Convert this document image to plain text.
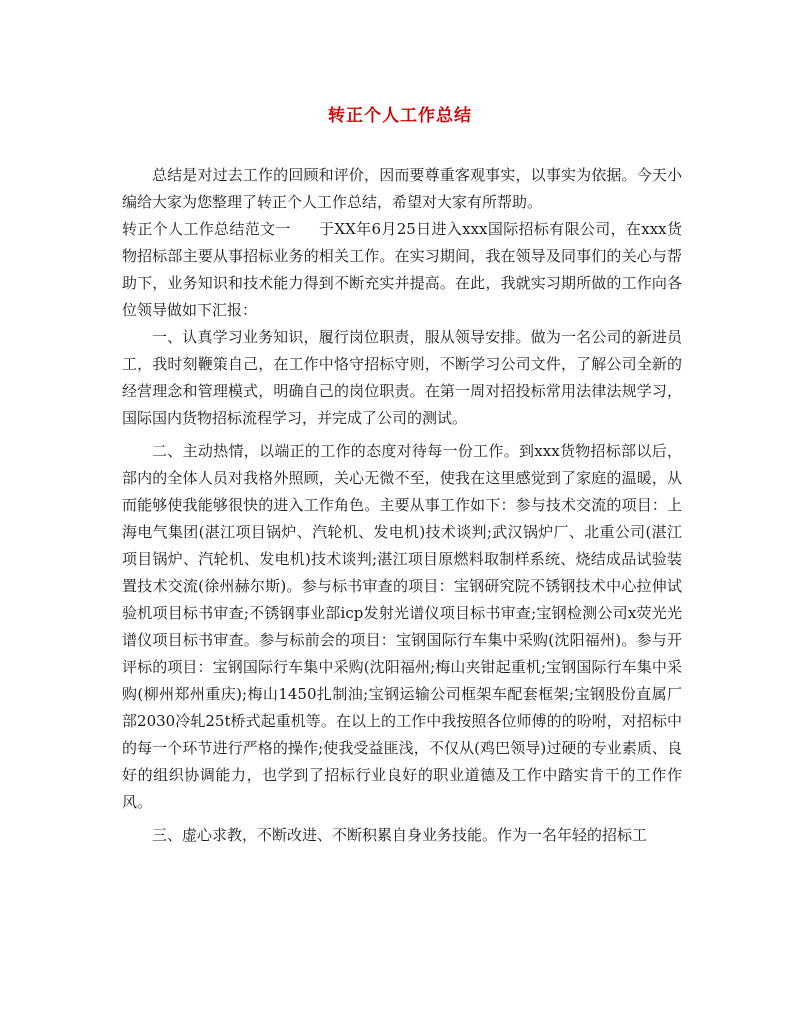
转正个人工作总结

总结是对过去工作的回顾和评价，因而要尊重客观事实，以事实为依据。今天小编给大家为您整理了转正个人工作总结，希望对大家有所帮助。

转正个人工作总结范文一 于XX年6月25日进入xxx国际招标有限公司，在xxx货物招标部主要从事招标业务的相关工作。在实习期间，我在领导及同事们的关心与帮助下，业务知识和技术能力得到不断充实并提高。在此，我就实习期所做的工作向各位领导做如下汇报：

一、认真学习业务知识，履行岗位职责，服从领导安排。做为一名公司的新进员工，我时刻鞭策自己，在工作中恪守招标守则，不断学习公司文件，了解公司全新的经营理念和管理模式，明确自己的岗位职责。在第一周对招投标常用法律法规学习，国际国内货物招标流程学习，并完成了公司的测试。

二、主动热情，以端正的工作的态度对待每一份工作。到xxx货物招标部以后，部内的全体人员对我格外照顾，关心无微不至，使我在这里感觉到了家庭的温暖，从而能够使我能够很快的进入工作角色。主要从事工作如下：参与技术交流的项目：上海电气集团(湛江项目锅炉、汽轮机、发电机)技术谈判;武汉锅炉厂、北重公司(湛江项目锅炉、汽轮机、发电机)技术谈判;湛江项目原燃料取制样系统、烧结成品试验装置技术交流(徐州赫尔斯)。参与标书审查的项目：宝钢研究院不锈钢技术中心拉伸试验机项目标书审查;不锈钢事业部icp发射光谱仪项目标书审查;宝钢检测公司x荧光光谱仪项目标书审查。参与标前会的项目：宝钢国际行车集中采购(沈阳福州)。参与开评标的项目：宝钢国际行车集中采购(沈阳福州;梅山夹钳起重机;宝钢国际行车集中采购(柳州郑州重庆);梅山1450扎制油;宝钢运输公司框架车配套框架;宝钢股份直属厂部2030冷轧25t桥式起重机等。在以上的工作中我按照各位师傅的的吩咐，对招标中的每一个环节进行严格的操作;使我受益匪浅，不仅从(鸡巴领导)过硬的专业素质、良好的组织协调能力，也学到了招标行业良好的职业道德及工作中踏实肯干的工作作风。

三、虚心求教，不断改进、不断积累自身业务技能。作为一名年轻的招标工
